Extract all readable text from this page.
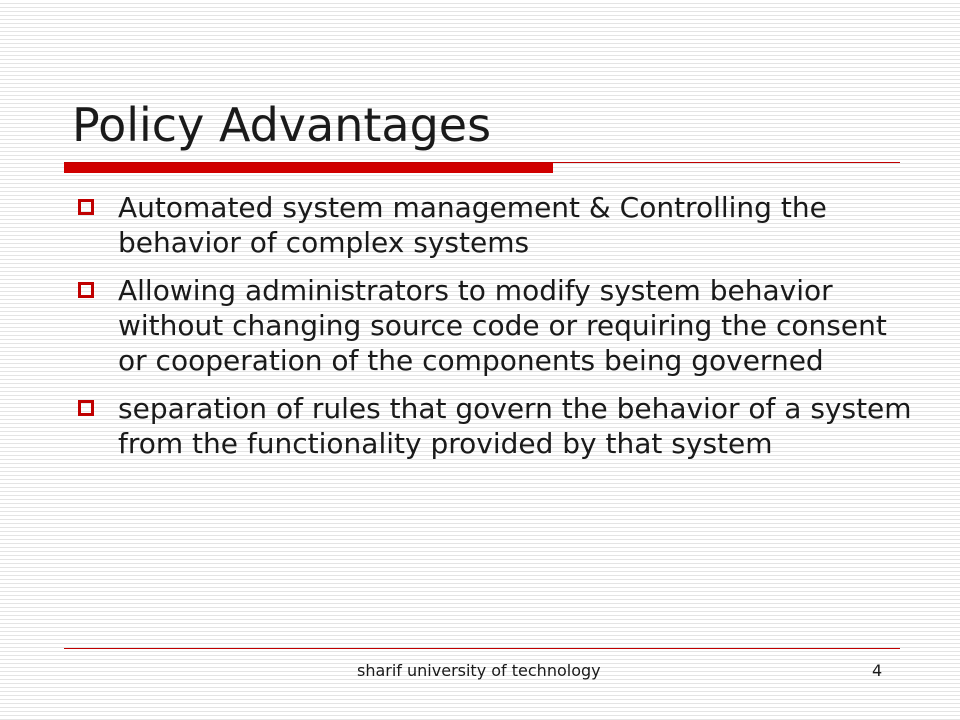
Policy Advantages
Automated system management & Controlling the behavior of complex systems
Allowing administrators to modify system behavior without changing source code or requiring the consent or cooperation of the components being governed
separation of rules that govern the behavior of a system from the functionality provided by that system
sharif university of technology	4
